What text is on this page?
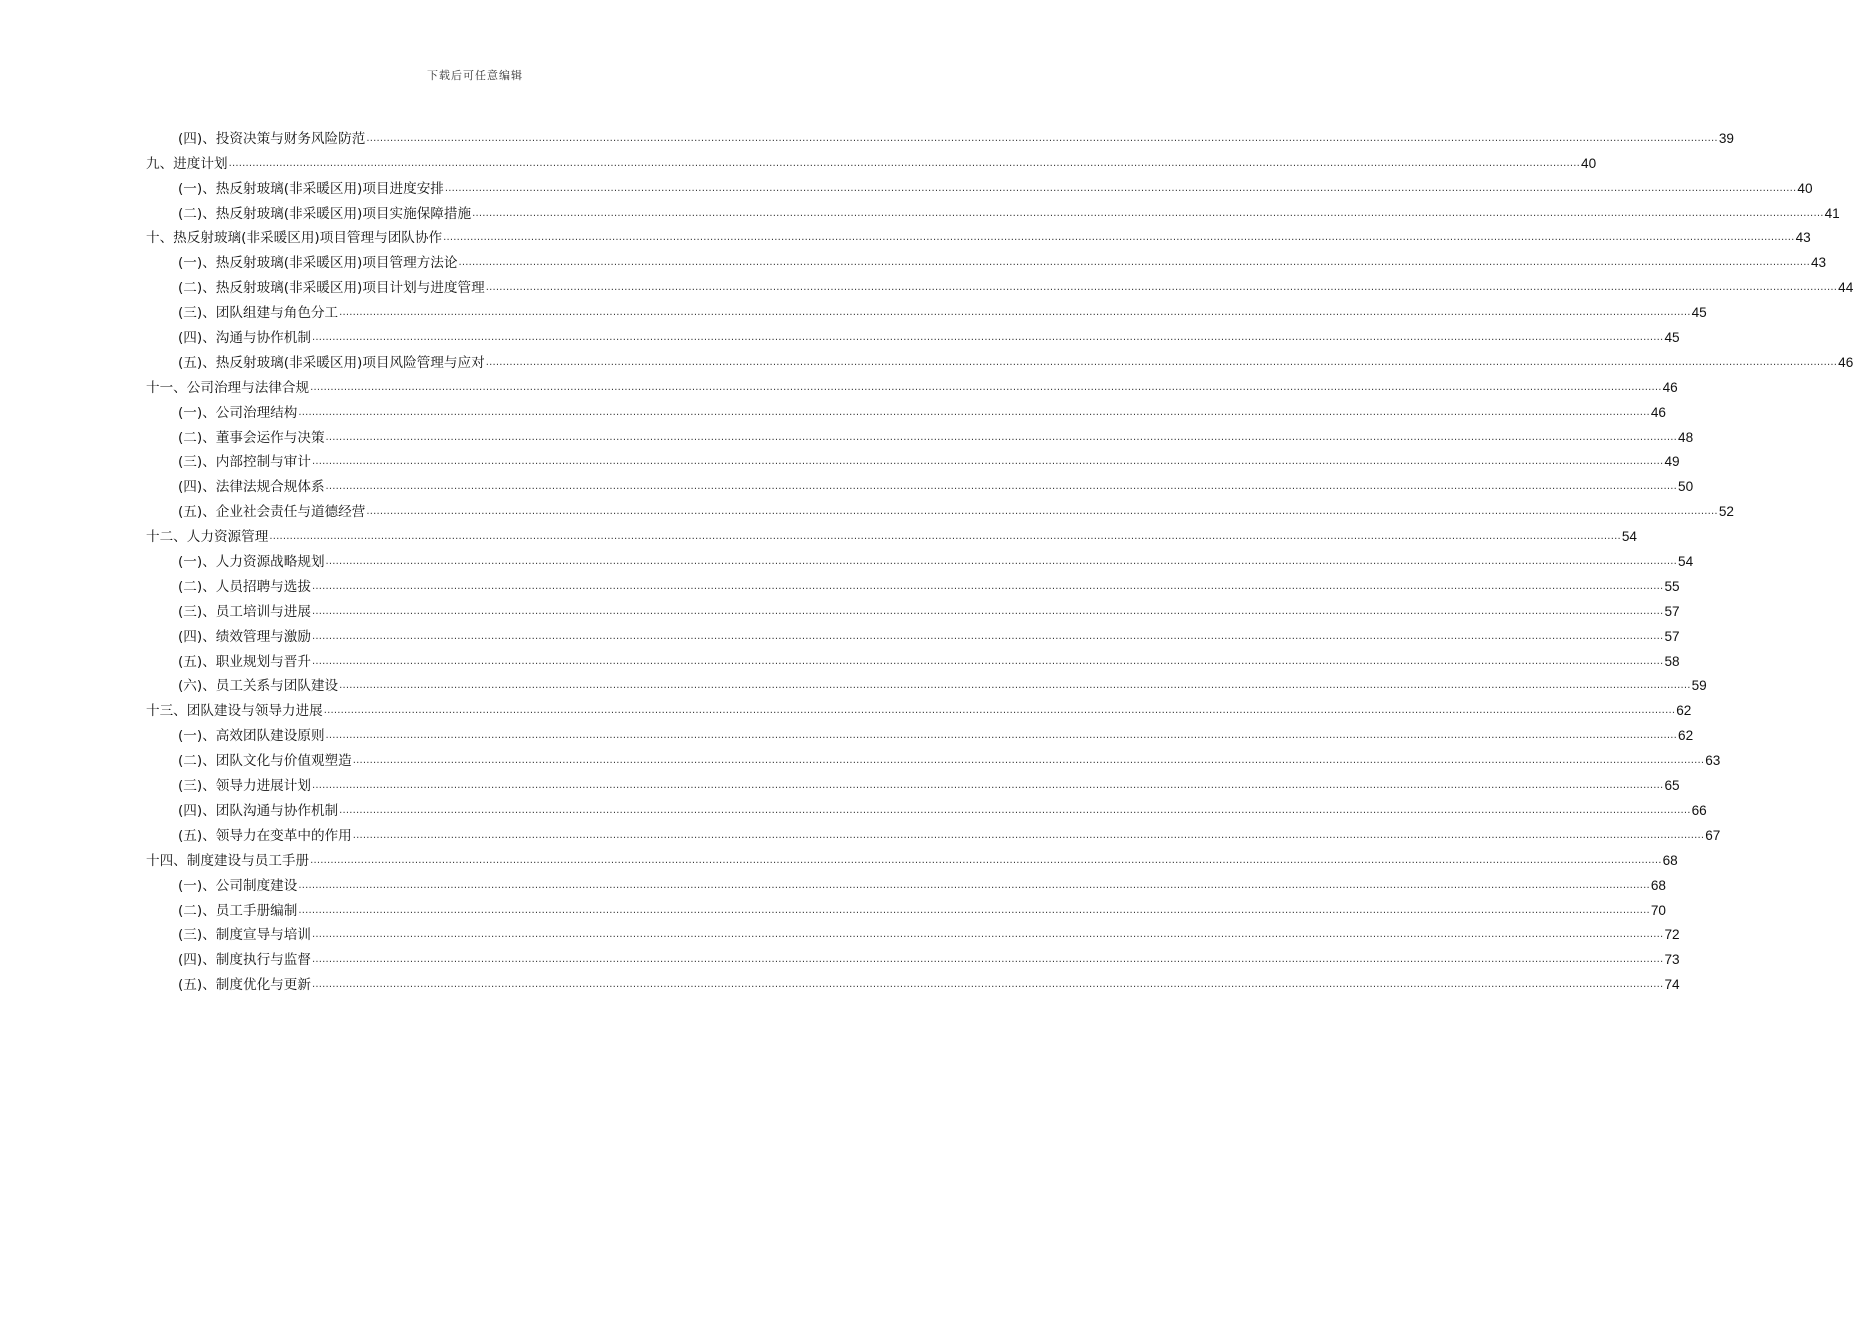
下载后可任意编辑
(四)、投资决策与财务风险防范 ................................................................................................................................................................................................................................................................................................................................................................................................................ 39
九、进度计划 ................................................................................................................................................................................................................................................................................................................................................................................................................ 40
(一)、热反射玻璃(非采暖区用)项目进度安排 ................................................................................................................................................................................................................................................................................................................................................................................................................ 40
(二)、热反射玻璃(非采暖区用)项目实施保障措施 ................................................................................................................................................................................................................................................................................................................................................................................................................ 41
十、热反射玻璃(非采暖区用)项目管理与团队协作 ................................................................................................................................................................................................................................................................................................................................................................................................................ 43
(一)、热反射玻璃(非采暖区用)项目管理方法论 ................................................................................................................................................................................................................................................................................................................................................................................................................ 43
(二)、热反射玻璃(非采暖区用)项目计划与进度管理 ................................................................................................................................................................................................................................................................................................................................................................................................................ 44
(三)、团队组建与角色分工 ................................................................................................................................................................................................................................................................................................................................................................................................................ 45
(四)、沟通与协作机制 ................................................................................................................................................................................................................................................................................................................................................................................................................ 45
(五)、热反射玻璃(非采暖区用)项目风险管理与应对 ................................................................................................................................................................................................................................................................................................................................................................................................................ 46
十一、公司治理与法律合规 ................................................................................................................................................................................................................................................................................................................................................................................................................ 46
(一)、公司治理结构 ................................................................................................................................................................................................................................................................................................................................................................................................................ 46
(二)、董事会运作与决策 ................................................................................................................................................................................................................................................................................................................................................................................................................ 48
(三)、内部控制与审计 ................................................................................................................................................................................................................................................................................................................................................................................................................ 49
(四)、法律法规合规体系 ................................................................................................................................................................................................................................................................................................................................................................................................................ 50
(五)、企业社会责任与道德经营 ................................................................................................................................................................................................................................................................................................................................................................................................................ 52
十二、人力资源管理 ................................................................................................................................................................................................................................................................................................................................................................................................................ 54
(一)、人力资源战略规划 ................................................................................................................................................................................................................................................................................................................................................................................................................ 54
(二)、人员招聘与选拔 ................................................................................................................................................................................................................................................................................................................................................................................................................ 55
(三)、员工培训与进展 ................................................................................................................................................................................................................................................................................................................................................................................................................ 57
(四)、绩效管理与激励 ................................................................................................................................................................................................................................................................................................................................................................................................................ 57
(五)、职业规划与晋升 ................................................................................................................................................................................................................................................................................................................................................................................................................ 58
(六)、员工关系与团队建设 ................................................................................................................................................................................................................................................................................................................................................................................................................ 59
十三、团队建设与领导力进展 ................................................................................................................................................................................................................................................................................................................................................................................................................ 62
(一)、高效团队建设原则 ................................................................................................................................................................................................................................................................................................................................................................................................................ 62
(二)、团队文化与价值观塑造 ................................................................................................................................................................................................................................................................................................................................................................................................................ 63
(三)、领导力进展计划 ................................................................................................................................................................................................................................................................................................................................................................................................................ 65
(四)、团队沟通与协作机制 ................................................................................................................................................................................................................................................................................................................................................................................................................ 66
(五)、领导力在变革中的作用 ................................................................................................................................................................................................................................................................................................................................................................................................................ 67
十四、制度建设与员工手册 ................................................................................................................................................................................................................................................................................................................................................................................................................ 68
(一)、公司制度建设 ................................................................................................................................................................................................................................................................................................................................................................................................................ 68
(二)、员工手册编制 ................................................................................................................................................................................................................................................................................................................................................................................................................ 70
(三)、制度宣导与培训 ................................................................................................................................................................................................................................................................................................................................................................................................................ 72
(四)、制度执行与监督 ................................................................................................................................................................................................................................................................................................................................................................................................................ 73
(五)、制度优化与更新 ................................................................................................................................................................................................................................................................................................................................................................................................................ 74
